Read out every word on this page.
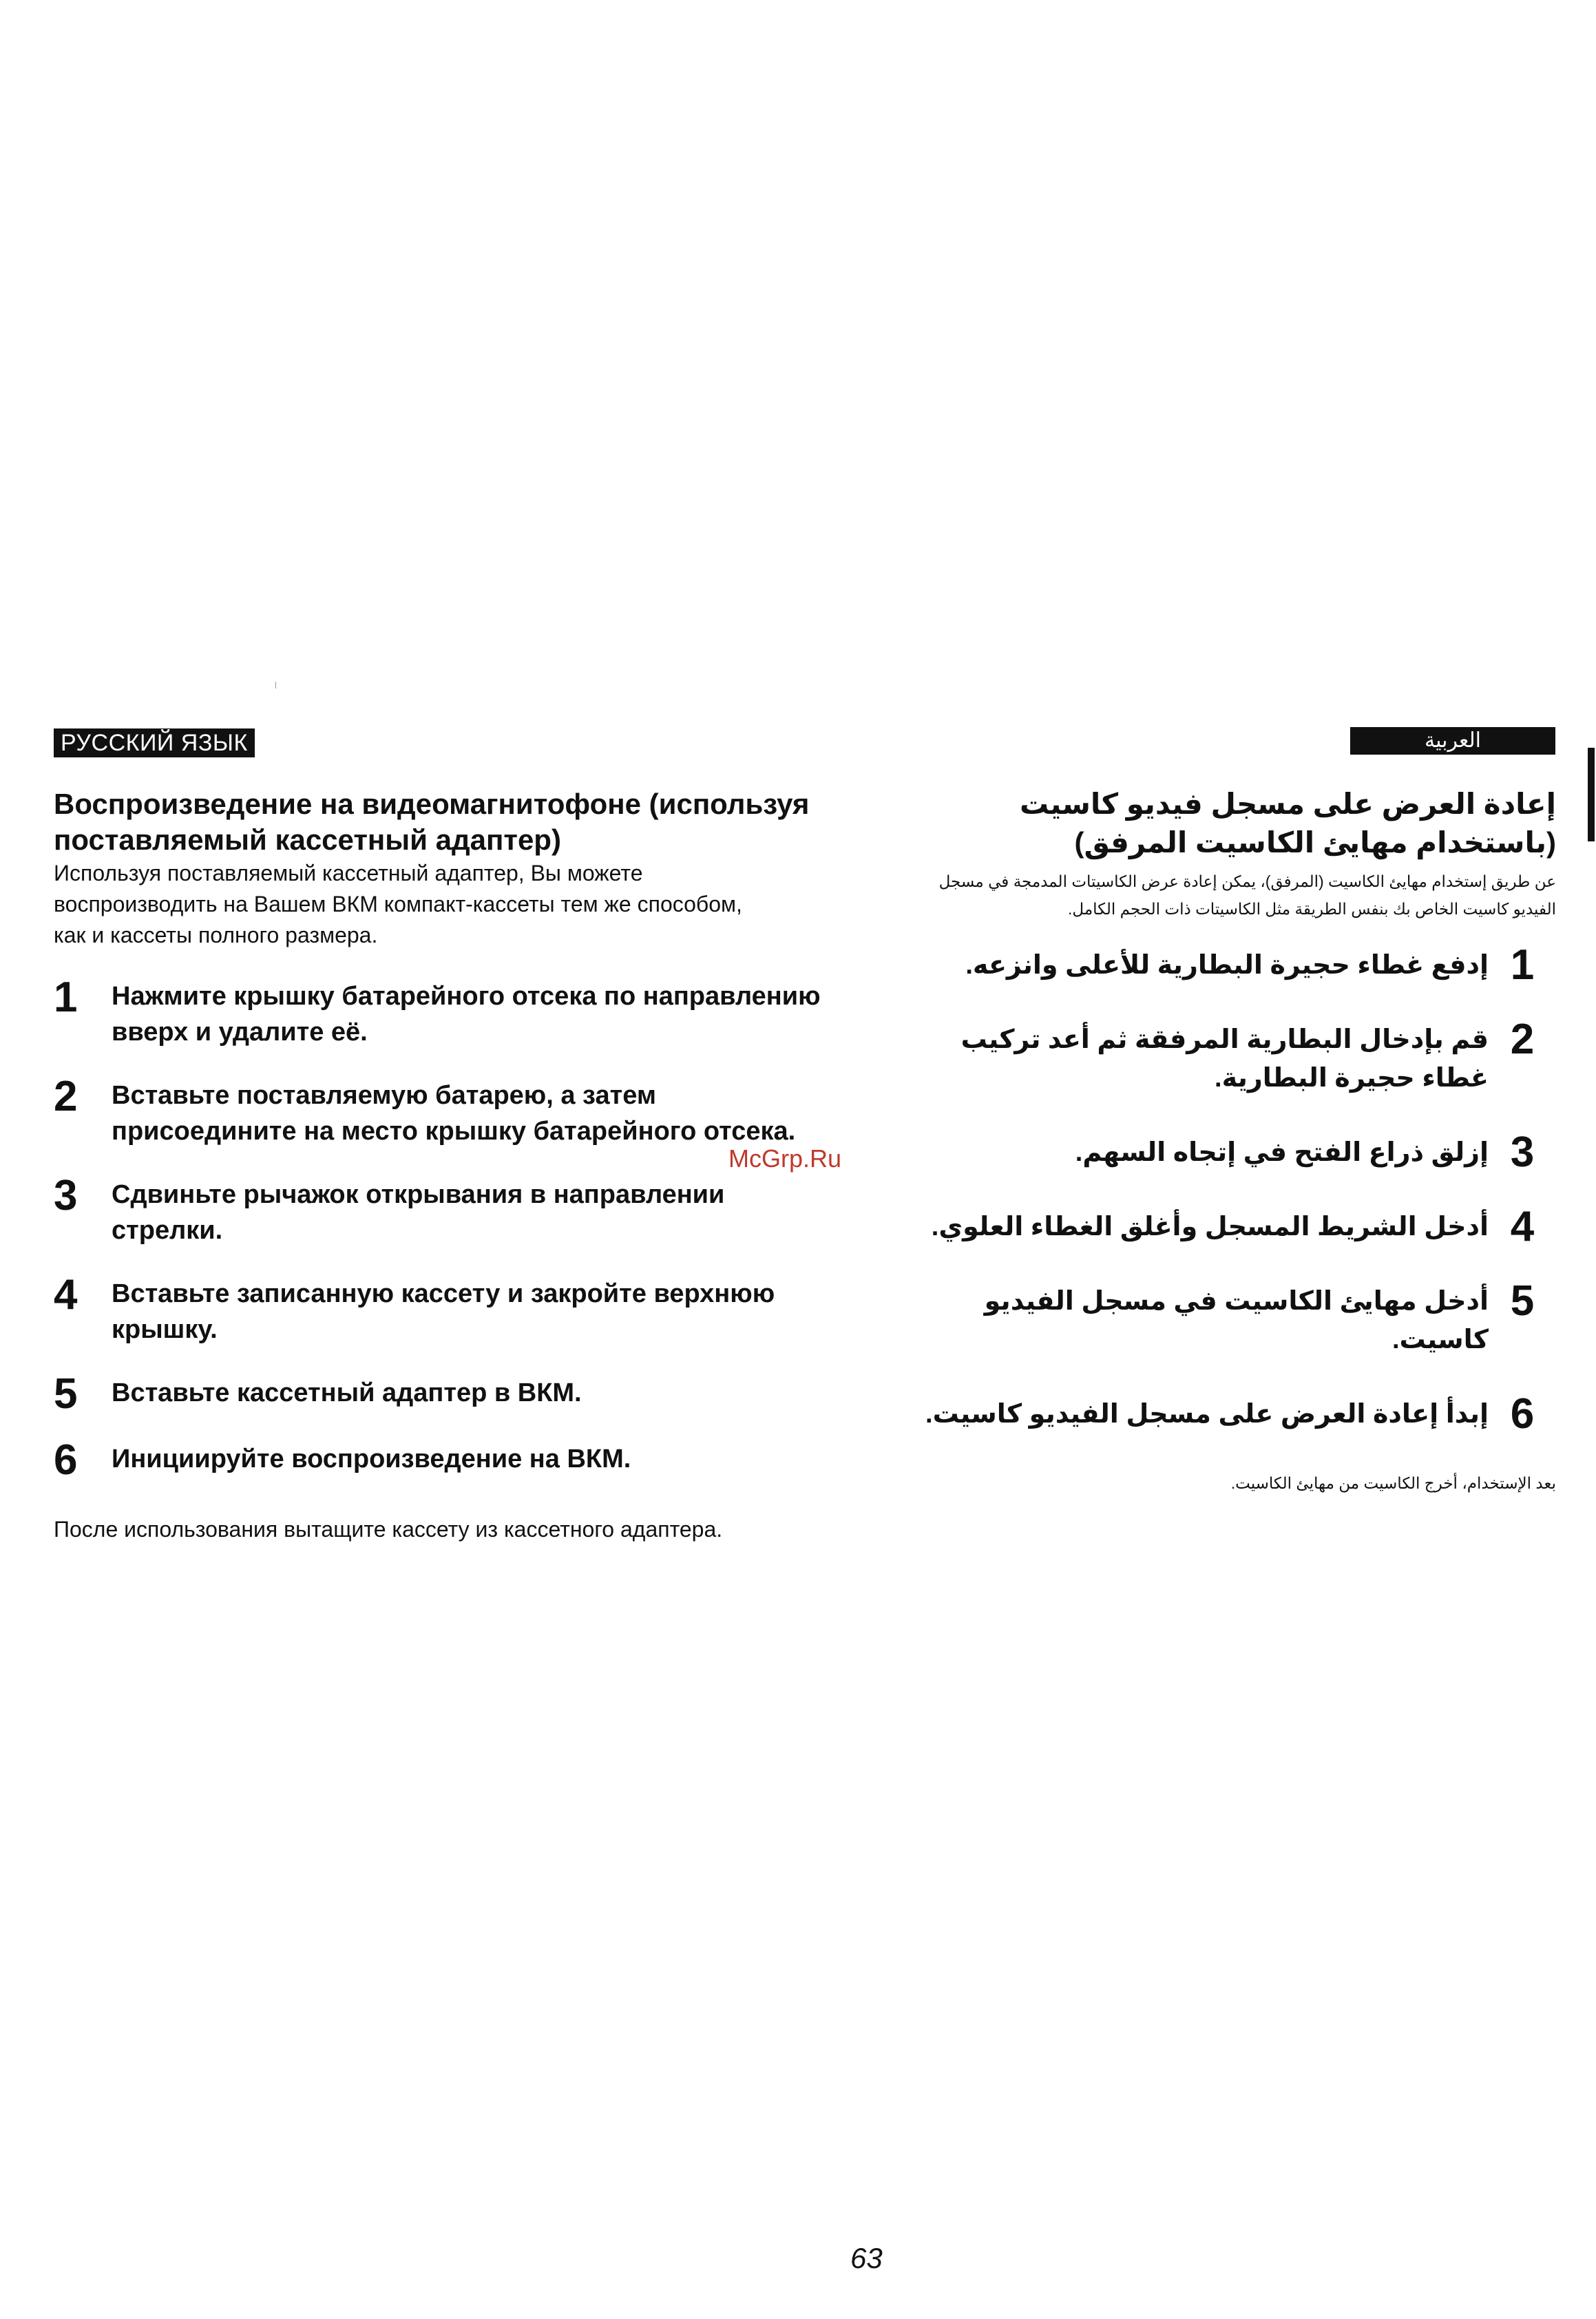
РУССКИЙ ЯЗЫК	العربية
Воспроизведение на видеомагнитофоне (используя поставляемый кассетный адаптер)

Используя поставляемый кассетный адаптер, Вы можете воспроизводить на Вашем ВКМ компакт-кассеты тем же способом, как и кассеты полного размера.

1	Нажмите крышку батарейного отсека по направлению вверх и удалите её.
2	Вставьте поставляемую батарею, а затем присоедините на место крышку батарейного отсека.
3	Сдвиньте рычажок открывания в направлении стрелки.
4	Вставьте записанную кассету и закройте верхнюю крышку.
5	Вставьте кассетный адаптер в ВКМ.
6	Инициируйте воспроизведение на ВКМ.

После использования вытащите кассету из кассетного адаптера.

McGrp.Ru
إعادة العرض على مسجل فيديو كاسيت (باستخدام مهايئ الكاسيت المرفق)

عن طريق إستخدام مهايئ الكاسيت (المرفق)، يمكن إعادة عرض الكاسيتات المدمجة في مسجل الفيديو كاسيت الخاص بك بنفس الطريقة مثل الكاسيتات ذات الحجم الكامل.

1
إدفع غطاء حجيرة البطارية للأعلى وانزعه.
2
قم بإدخال البطارية المرفقة ثم أعد تركيب غطاء حجيرة البطارية.
3
إزلق ذراع الفتح في إتجاه السهم.
4
أدخل الشريط المسجل وأغلق الغطاء العلوي.
5
أدخل مهايئ الكاسيت في مسجل الفيديو كاسيت.
6
إبدأ إعادة العرض على مسجل الفيديو كاسيت.

بعد الإستخدام، أخرج الكاسيت من مهايئ الكاسيت.

63
